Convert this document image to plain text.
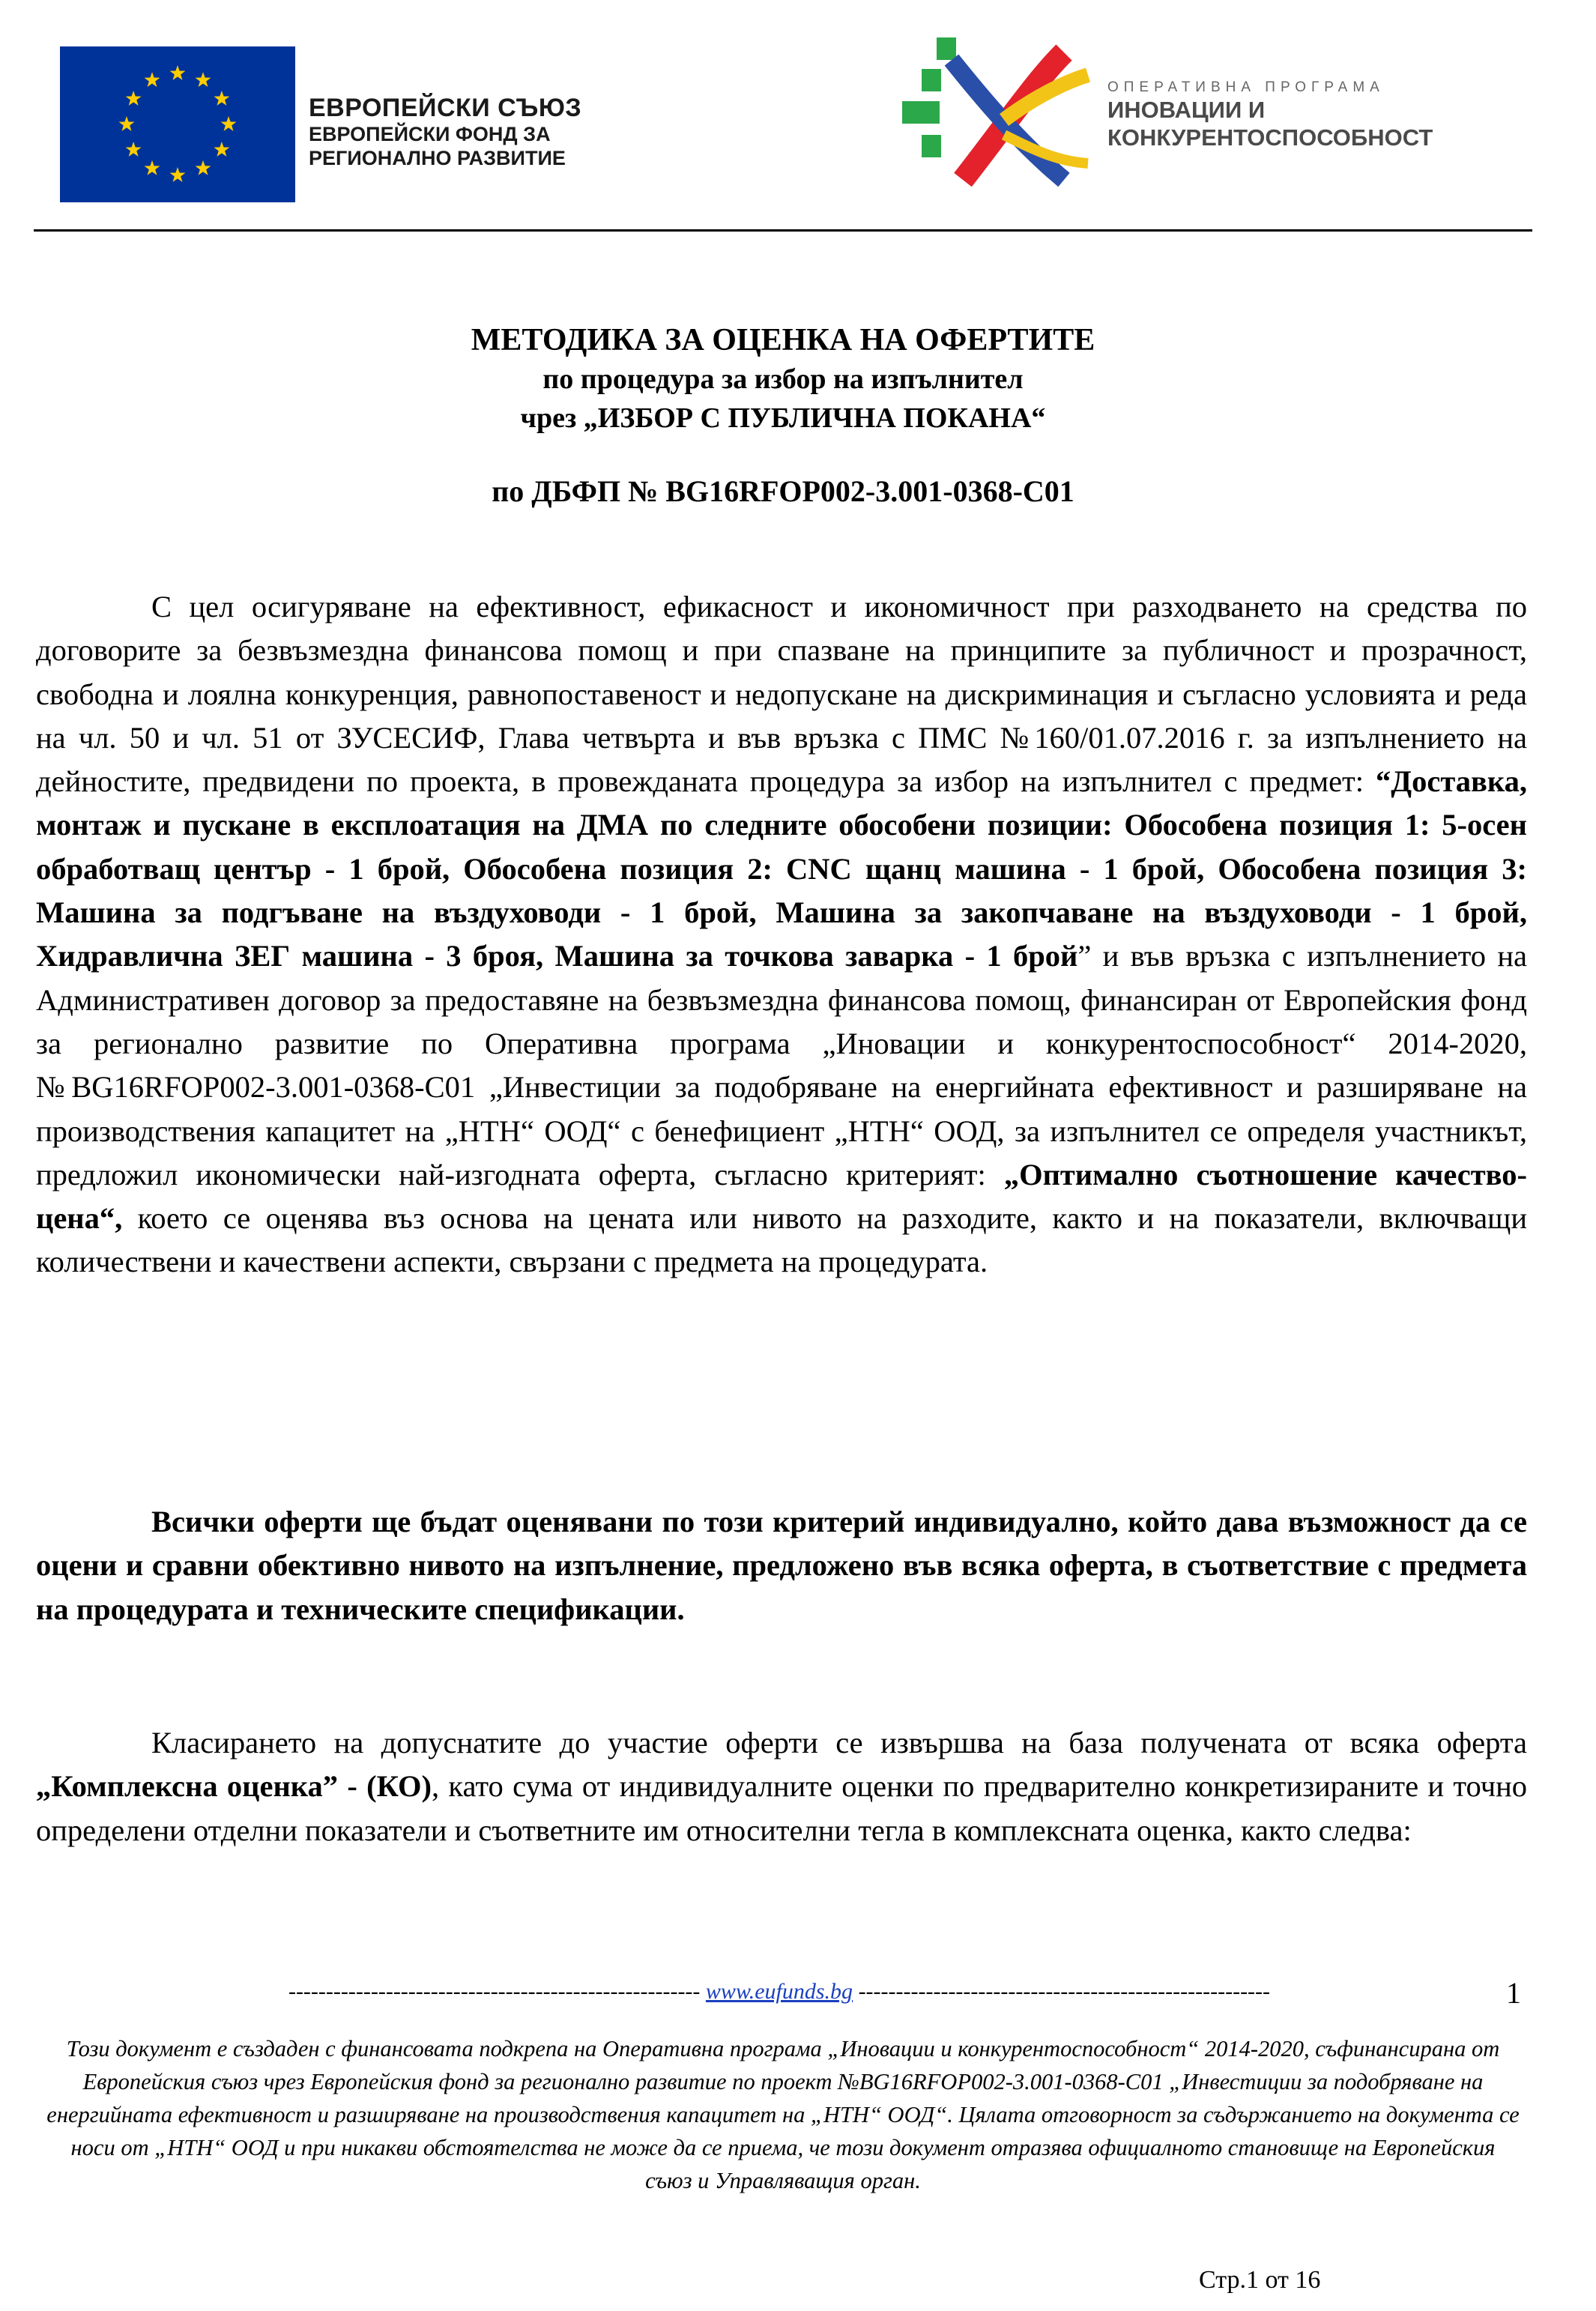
ЕВРОПЕЙСКИ СЪЮЗ
ЕВРОПЕЙСКИ ФОНД ЗА
РЕГИОНАЛНО РАЗВИТИЕ
ОПЕРАТИВНА ПРОГРАМА
ИНОВАЦИИ И
КОНКУРЕНТОСПОСОБНОСТ
МЕТОДИКА ЗА ОЦЕНКА НА ОФЕРТИТЕ
по процедура за избор на изпълнител
чрез „ИЗБОР С ПУБЛИЧНА ПОКАНА“
по ДБФП № BG16RFOP002-3.001-0368-C01
С цел осигуряване на ефективност, ефикасност и икономичност при разходването на средства по договорите за безвъзмездна финансова помощ и при спазване на принципите за публичност и прозрачност, свободна и лоялна конкуренция, равнопоставеност и недопускане на дискриминация и съгласно условията и реда на чл. 50 и чл. 51 от ЗУСЕСИФ, Глава четвърта и във връзка с ПМС №160/01.07.2016 г. за изпълнението на дейностите, предвидени по проекта, в провежданата процедура за избор на изпълнител с предмет: “Доставка, монтаж и пускане в експлоатация на ДМА по следните обособени позиции: Обособена позиция 1: 5-осен обработващ център - 1 брой, Обособена позиция 2: CNC щанц машина - 1 брой, Обособена позиция 3: Машина за подгъване на въздуховоди - 1 брой, Машина за закопчаване на въздуховоди - 1 брой, Хидравлична ЗЕГ машина - 3 броя, Машина за точкова заварка - 1 брой” и във връзка с изпълнението на Административен договор за предоставяне на безвъзмездна финансова помощ, финансиран от Европейския фонд за регионално развитие по Оперативна програма „Иновации и конкурентоспособност“ 2014-2020, №BG16RFOP002-3.001-0368-C01 „Инвестиции за подобряване на енергийната ефективност и разширяване на производствения капацитет на „НТН“ ООД“ с бенефициент „НТН“ ООД, за изпълнител се определя участникът, предложил икономически най-изгодната оферта, съгласно критерият: „Оптимално съотношение качество-цена“, което се оценява въз основа на цената или нивото на разходите, както и на показатели, включващи количествени и качествени аспекти, свързани с предмета на процедурата.
Всички оферти ще бъдат оценявани по този критерий индивидуално, който дава възможност да се оцени и сравни обективно нивото на изпълнение, предложено във всяка оферта, в съответствие с предмета на процедурата и техническите спецификации.
Класирането на допуснатите до участие оферти се извършва на база получената от всяка оферта „Комплексна оценка” - (КО), като сума от индивидуалните оценки по предварително конкретизираните и точно определени отделни показатели и съответните им относителни тегла в комплексната оценка, както следва:
------------------------------------------------------- www.eufunds.bg -------------------------------------------------------	1
Този документ е създаден с финансовата подкрепа на Оперативна програма „Иновации и конкурентоспособност“ 2014-2020, съфинансирана от Европейския съюз чрез Европейския фонд за регионално развитие по проект №BG16RFOP002-3.001-0368-C01 „Инвестиции за подобряване на енергийната ефективност и разширяване на производствения капацитет на „НТН“ ООД“. Цялата отговорност за съдържанието на документа се носи от „НТН“ ООД и при никакви обстоятелства не може да се приема, че този документ отразява официалното становище на Европейския съюз и Управляващия орган.
Стр.1 от 16
